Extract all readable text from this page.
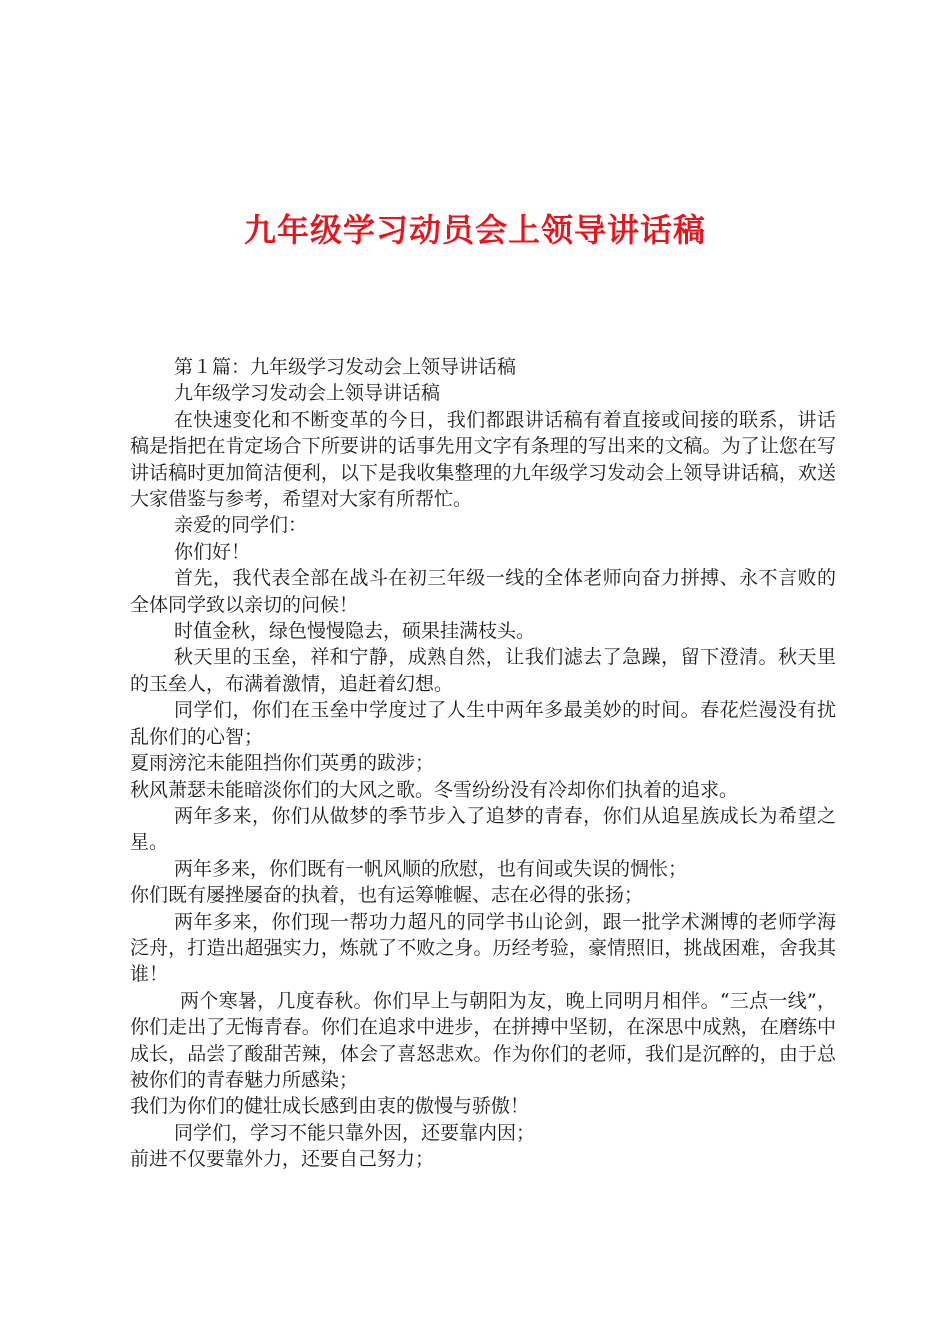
九年级学习动员会上领导讲话稿

第１篇：九年级学习发动会上领导讲话稿

九年级学习发动会上领导讲话稿

在快速变化和不断变革的今日，我们都跟讲话稿有着直接或间接的联系，讲话稿是指把在肯定场合下所要讲的话事先用文字有条理的写出来的文稿。为了让您在写讲话稿时更加简洁便利，以下是我收集整理的九年级学习发动会上领导讲话稿，欢送大家借鉴与参考，希望对大家有所帮忙。

亲爱的同学们：

你们好！

首先，我代表全部在战斗在初三年级一线的全体老师向奋力拼搏、永不言败的全体同学致以亲切的问候！

时值金秋，绿色慢慢隐去，硕果挂满枝头。

秋天里的玉垒，祥和宁静，成熟自然，让我们滤去了急躁，留下澄清。秋天里的玉垒人，布满着激情，追赶着幻想。

同学们，你们在玉垒中学度过了人生中两年多最美妙的时间。春花烂漫没有扰乱你们的心智；

夏雨滂沱未能阻挡你们英勇的跋涉；

秋风萧瑟未能暗淡你们的大风之歌。冬雪纷纷没有冷却你们执着的追求。

两年多来，你们从做梦的季节步入了追梦的青春，你们从追星族成长为希望之星。

两年多来，你们既有一帆风顺的欣慰，也有间或失误的惆怅；

你们既有屡挫屡奋的执着，也有运筹帷幄、志在必得的张扬；

两年多来，你们现一帮功力超凡的同学书山论剑，跟一批学术渊博的老师学海泛舟，打造出超强实力，炼就了不败之身。历经考验，豪情照旧，挑战困难，舍我其谁！

两个寒暑，几度春秋。你们早上与朝阳为友，晚上同明月相伴。“三点一线”，你们走出了无悔青春。你们在追求中进步，在拼搏中坚韧，在深思中成熟，在磨练中成长，品尝了酸甜苦辣，体会了喜怒悲欢。作为你们的老师，我们是沉醉的，由于总被你们的青春魅力所感染；

我们为你们的健壮成长感到由衷的傲慢与骄傲！

同学们，学习不能只靠外因，还要靠内因；

前进不仅要靠外力，还要自己努力；
